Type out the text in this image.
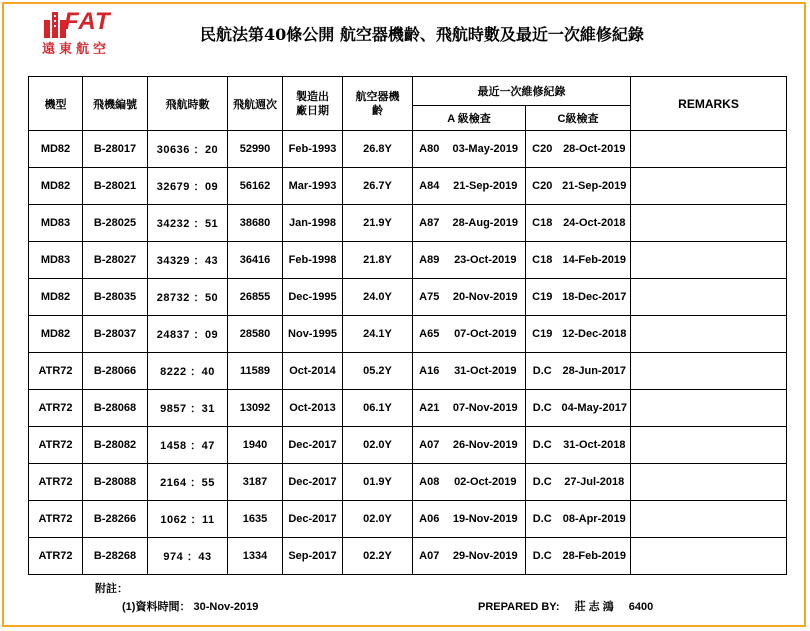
FAT
遠東航空
民航法第40條公開 航空器機齡、飛航時數及最近一次維修紀錄
機型	飛機編號	飛航時數	飛航週次	製造出廠日期	航空器機 齡	最近一次維修紀錄				REMARKS
						A 級檢查		C級檢查		
MD82	B-28017	30636 ：20	52990	Feb-1993	26.8Y	A80	03-May-2019	C20	28-Oct-2019	
MD82	B-28021	32679 ：09	56162	Mar-1993	26.7Y	A84	21-Sep-2019	C20	21-Sep-2019	
MD83	B-28025	34232 ：51	38680	Jan-1998	21.9Y	A87	28-Aug-2019	C18	24-Oct-2018	
MD83	B-28027	34329 ：43	36416	Feb-1998	21.8Y	A89	23-Oct-2019	C18	14-Feb-2019	
MD82	B-28035	28732 ：50	26855	Dec-1995	24.0Y	A75	20-Nov-2019	C19	18-Dec-2017	
MD82	B-28037	24837 ：09	28580	Nov-1995	24.1Y	A65	07-Oct-2019	C19	12-Dec-2018	
ATR72	B-28066	8222 ：40	11589	Oct-2014	05.2Y	A16	31-Oct-2019	D.C	28-Jun-2017	
ATR72	B-28068	9857 ：31	13092	Oct-2013	06.1Y	A21	07-Nov-2019	D.C	04-May-2017	
ATR72	B-28082	1458 ：47	1940	Dec-2017	02.0Y	A07	26-Nov-2019	D.C	31-Oct-2018	
ATR72	B-28088	2164 ：55	3187	Dec-2017	01.9Y	A08	02-Oct-2019	D.C	27-Jul-2018	
ATR72	B-28266	1062 ：11	1635	Dec-2017	02.0Y	A06	19-Nov-2019	D.C	08-Apr-2019	
ATR72	B-28268	974 ：43	1334	Sep-2017	02.2Y	A07	29-Nov-2019	D.C	28-Feb-2019	
附註：
(1)資料時間： 30-Nov-2019	PREPARED BY: 莊 志 鴻 6400
